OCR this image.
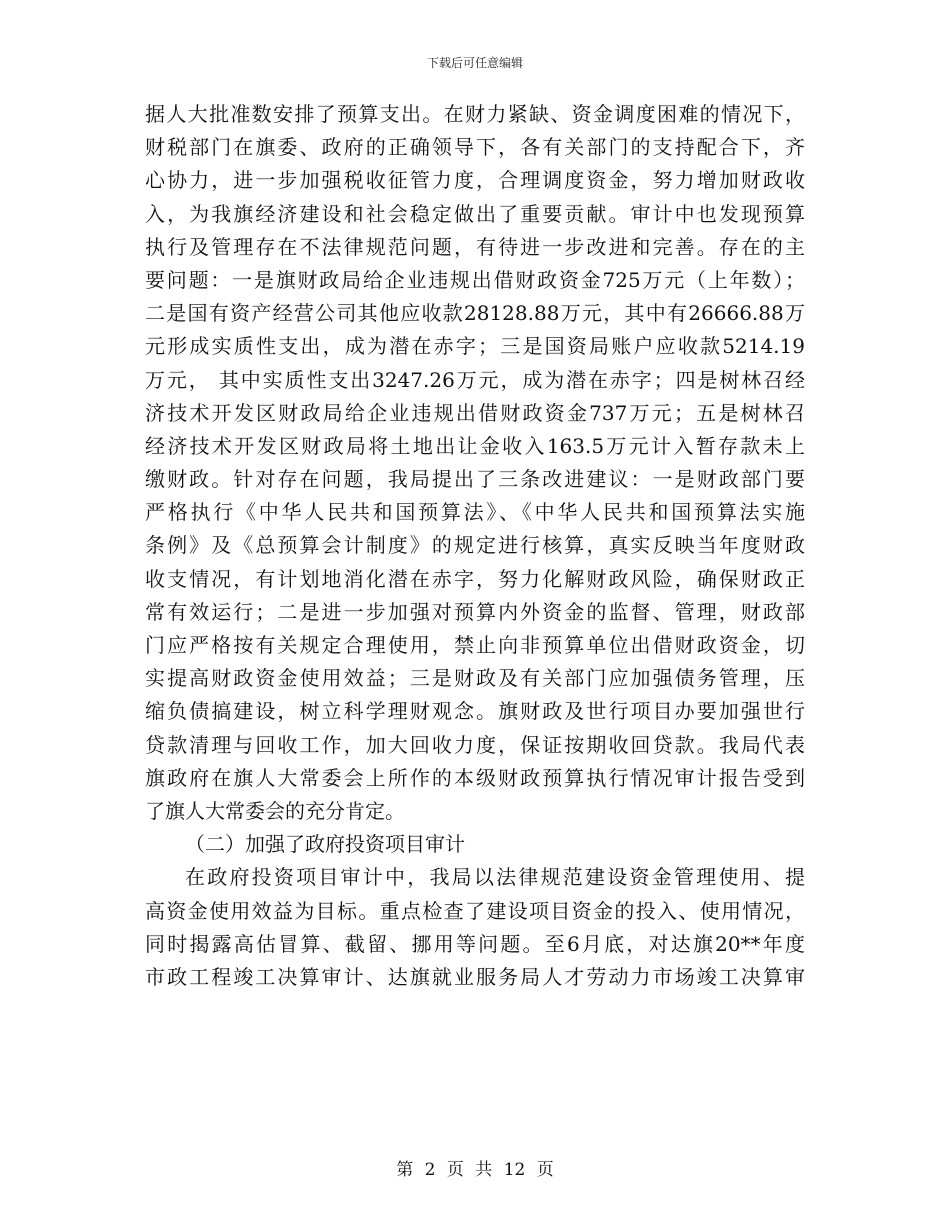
下载后可任意编辑
据人大批准数安排了预算支出。在财力紧缺、资金调度困难的情况下，
财税部门在旗委、政府的正确领导下，各有关部门的支持配合下，齐
心协力，进一步加强税收征管力度，合理调度资金，努力增加财政收
入，为我旗经济建设和社会稳定做出了重要贡献。审计中也发现预算
执行及管理存在不法律规范问题，有待进一步改进和完善。存在的主
要问题：一是旗财政局给企业违规出借财政资金725万元（上年数）；
二是国有资产经营公司其他应收款28128.88万元，其中有26666.88万
元形成实质性支出，成为潜在赤字；三是国资局账户应收款5214.19
万元， 其中实质性支出3247.26万元，成为潜在赤字；四是树林召经
济技术开发区财政局给企业违规出借财政资金737万元；五是树林召
经济技术开发区财政局将土地出让金收入163.5万元计入暂存款未上
缴财政。针对存在问题，我局提出了三条改进建议：一是财政部门要
严格执行《中华人民共和国预算法》、《中华人民共和国预算法实施
条例》及《总预算会计制度》的规定进行核算，真实反映当年度财政
收支情况，有计划地消化潜在赤字，努力化解财政风险，确保财政正
常有效运行；二是进一步加强对预算内外资金的监督、管理，财政部
门应严格按有关规定合理使用，禁止向非预算单位出借财政资金，切
实提高财政资金使用效益；三是财政及有关部门应加强债务管理，压
缩负债搞建设，树立科学理财观念。旗财政及世行项目办要加强世行
贷款清理与回收工作，加大回收力度，保证按期收回贷款。我局代表
旗政府在旗人大常委会上所作的本级财政预算执行情况审计报告受到
了旗人大常委会的充分肯定。
（二）加强了政府投资项目审计
在政府投资项目审计中，我局以法律规范建设资金管理使用、提
高资金使用效益为目标。重点检查了建设项目资金的投入、使用情况，
同时揭露高估冒算、截留、挪用等问题。至6月底，对达旗20**年度
市政工程竣工决算审计、达旗就业服务局人才劳动力市场竣工决算审
第 2 页 共 12 页
